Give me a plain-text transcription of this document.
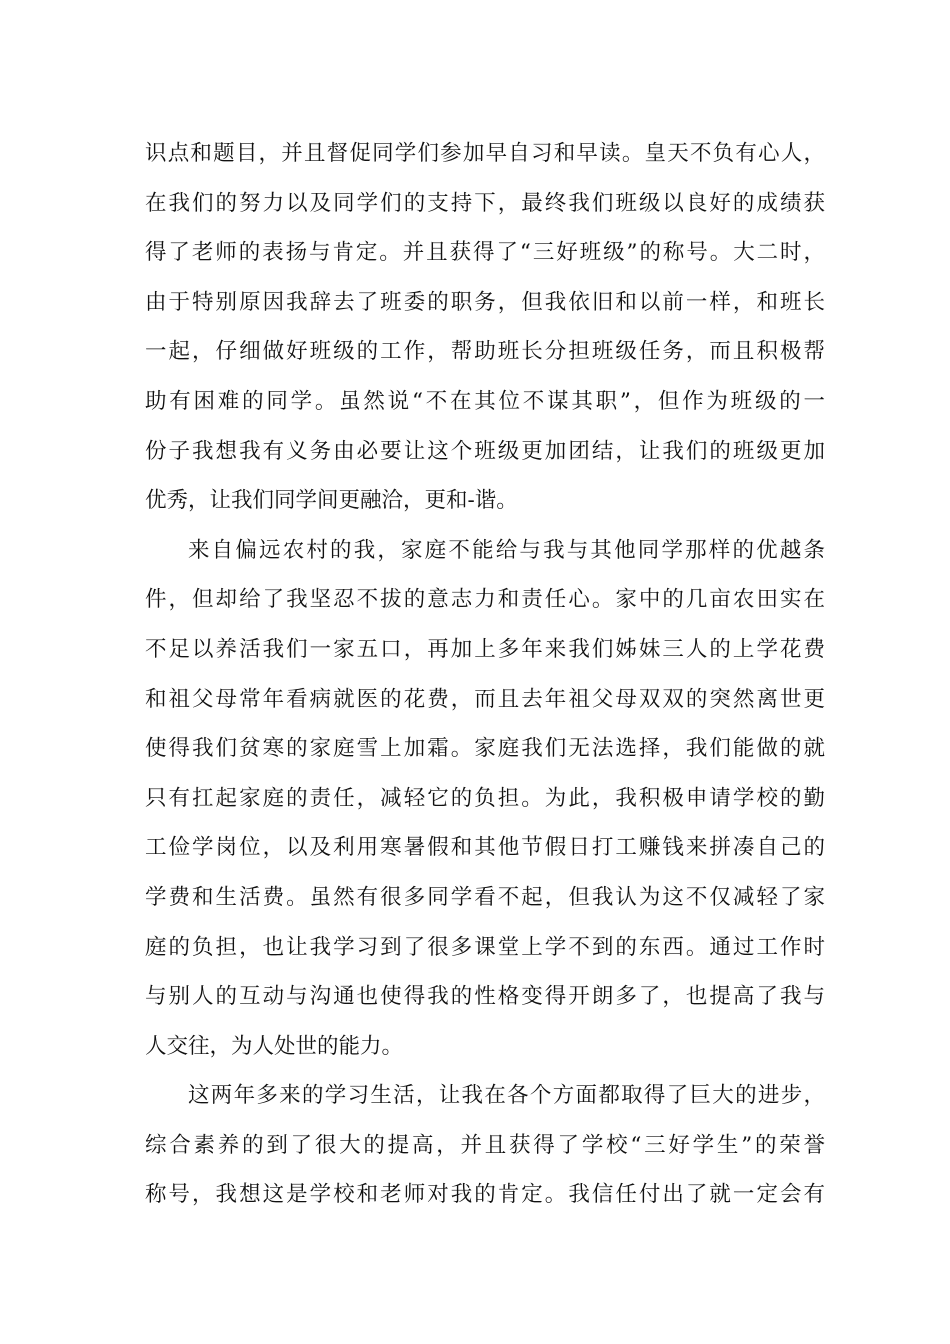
识点和题目，并且督促同学们参加早自习和早读。皇天不负有心人，
在我们的努力以及同学们的支持下，最终我们班级以良好的成绩获
得了老师的表扬与肯定。并且获得了“三好班级”的称号。大二时，
由于特别原因我辞去了班委的职务，但我依旧和以前一样，和班长
一起，仔细做好班级的工作，帮助班长分担班级任务，而且积极帮
助有困难的同学。虽然说“不在其位不谋其职”，但作为班级的一
份子我想我有义务由必要让这个班级更加团结，让我们的班级更加
优秀，让我们同学间更融洽，更和-谐。
来自偏远农村的我，家庭不能给与我与其他同学那样的优越条
件，但却给了我坚忍不拔的意志力和责任心。家中的几亩农田实在
不足以养活我们一家五口，再加上多年来我们姊妹三人的上学花费
和祖父母常年看病就医的花费，而且去年祖父母双双的突然离世更
使得我们贫寒的家庭雪上加霜。家庭我们无法选择，我们能做的就
只有扛起家庭的责任，减轻它的负担。为此，我积极申请学校的勤
工俭学岗位，以及利用寒暑假和其他节假日打工赚钱来拼凑自己的
学费和生活费。虽然有很多同学看不起，但我认为这不仅减轻了家
庭的负担，也让我学习到了很多课堂上学不到的东西。通过工作时
与别人的互动与沟通也使得我的性格变得开朗多了，也提高了我与
人交往，为人处世的能力。
这两年多来的学习生活，让我在各个方面都取得了巨大的进步，
综合素养的到了很大的提高，并且获得了学校“三好学生”的荣誉
称号，我想这是学校和老师对我的肯定。我信任付出了就一定会有
